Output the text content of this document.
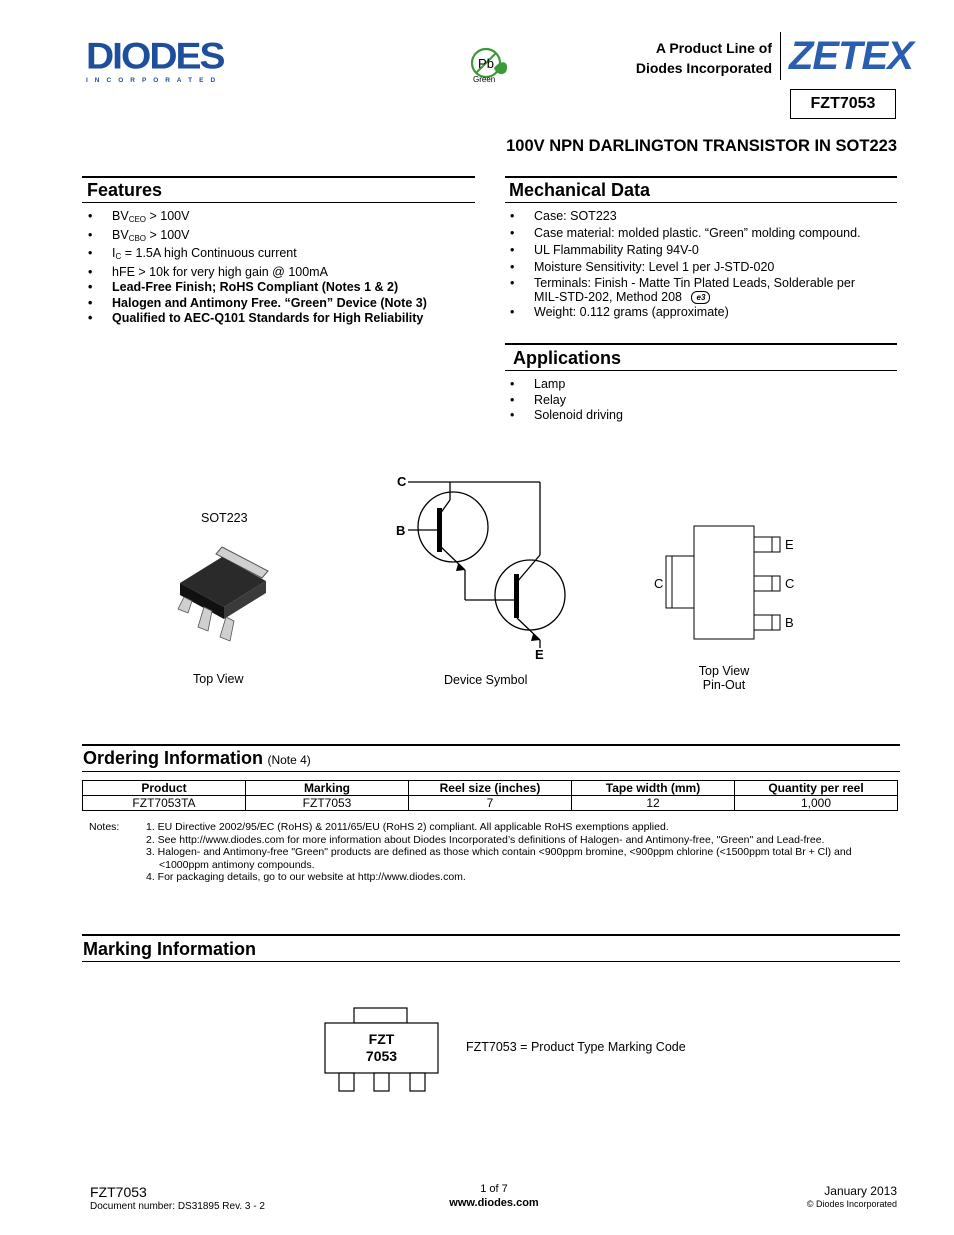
DIODES
I N C O R P O R A T E D
Pb
Green
A Product Line of
Diodes Incorporated ZETEX
FZT7053
100V NPN DARLINGTON TRANSISTOR IN SOT223
Features
• $BV_{CEO} > 100V$
• $BV_{CBO} > 100V$
• $I_C = 1.5A$ high Continuous current
• hFE > 10k for very high gain @ 100mA
• Lead-Free Finish; RoHS Compliant (Notes 1 & 2)
• Halogen and Antimony Free. “Green” Device (Note 3)
• Qualified to AEC-Q101 Standards for High Reliability
Mechanical Data
• Case: SOT223
• Case material: molded plastic. “Green” molding compound.
• UL Flammability Rating 94V-0
• Moisture Sensitivity: Level 1 per J-STD-020
• Terminals: Finish - Matte Tin Plated Leads, Solderable per
MIL-STD-202, Method 208 e3
• Weight: 0.112 grams (approximate)
Applications
• Lamp
• Relay
• Solenoid driving
SOT223
Top View
C
B
E
Device Symbol
E
C
B
C
Top View
Pin-Out
Ordering Information (Note 4)
Product	Marking	Reel size (inches)	Tape width (mm)	Quantity per reel
FZT7053TA	FZT7053	7	12	1,000
Notes:	1. EU Directive 2002/95/EC (RoHS) & 2011/65/EU (RoHS 2) compliant. All applicable RoHS exemptions applied.
2. See http://www.diodes.com for more information about Diodes Incorporated’s definitions of Halogen- and Antimony-free, "Green" and Lead-free.
3. Halogen- and Antimony-free "Green" products are defined as those which contain <900ppm bromine, <900ppm chlorine (<1500ppm total Br + Cl) and
<1000ppm antimony compounds.
4. For packaging details, go to our website at http://www.diodes.com.
Marking Information
FZT
7053
FZT7053 = Product Type Marking Code
FZT7053
Document number: DS31895 Rev. 3 - 2
1 of 7
www.diodes.com
January 2013
© Diodes Incorporated
